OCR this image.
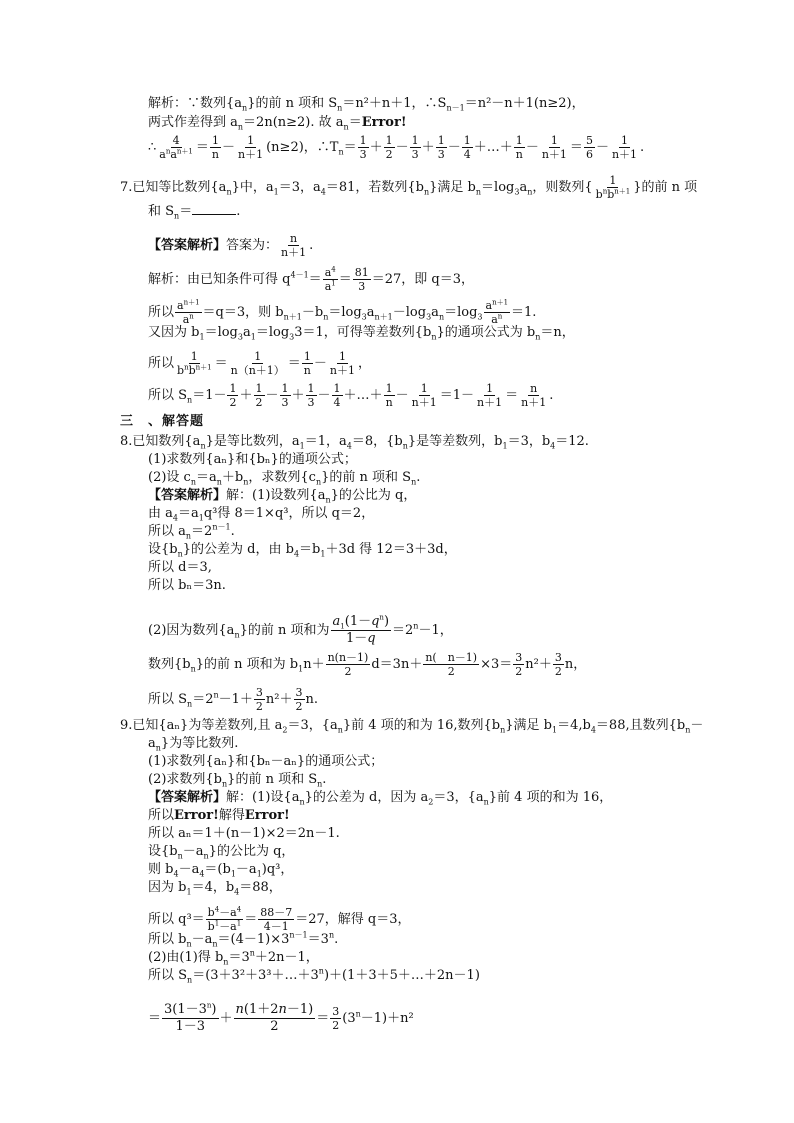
解析：∵数列$\{a_n\}$的前 n 项和 $S_n=n^2+n+1$，$\therefore S_{n-1}=n^2-n+1(n\ge 2)$，
两式作差得到 $a_n=2n(n\ge 2)$. 故 $a_n=Error$!
∴ $\frac{4}{a^na^{n+1}} = \frac{1}{n} - \frac{1}{n+1} (n\ge 2)$，$\therefore T_n= \frac{1}{3} + \frac{1}{2} - \frac{1}{3} + \frac{1}{3} - \frac{1}{4}$ ＋…＋ $\frac{1}{n} - \frac{1}{n+1} = \frac{5}{6} - \frac{1}{n+1}$ .
7.已知等比数列$\{a_n\}$中，$a_1=3$，$a_4=81$，若数列$\{b_n\}$满足 $b_n=\log_3a_n$，则数列{ $\frac{1}{b^nb^{n+1}}$ }的前 n 项
和 $S_n=$	.
【答案解析】答案为： $\frac{n}{n+1}$ .
解析：由已知条件可得 $q^{4-1}= \frac{a^4}{a^1} = \frac{81}{3} =27$，即 q＝3，
所以 $\frac{a^{n+1}}{a^n} =q=3$，则 $b_{n+1}-b_n=\log_3a_{n+1}-\log_3a_n=\log_3 \frac{a^{n+1}}{a^n} =1$.
又因为 $b_1=\log_3a_1=\log_33=1$，可得等差数列$\{b_n\}$的通项公式为 $b_n=n$，
所以 $\frac{1}{b^nb^{n+1}} = \frac{1}{n(n+1)} = \frac{1}{n} - \frac{1}{n+1}$ ，
所以 $S_n=1- \frac{1}{2} + \frac{1}{2} - \frac{1}{3} + \frac{1}{3} - \frac{1}{4}$ ＋…＋ $\frac{1}{n} - \frac{1}{n+1} =1- \frac{1}{n+1} = \frac{n}{n+1}$ .
三　、解答题
8.已知数列$\{a_n\}$是等比数列，$a_1=1$，$a_4=8$，$\{b_n\}$是等差数列，$b_1=3$，$b_4=12$.
(1)求数列{aₙ}和{bₙ}的通项公式；
(2)设 $c_n=a_n+b_n$，求数列$\{c_n\}$的前 n 项和 $S_n$.
【答案解析】解：(1)设数列$\{a_n\}$的公比为 q，
由 $a_4=a_1q^3$得 8＝1×q³，所以 q＝2，
所以 $a_n=2^{n-1}$.
设$\{b_n\}$的公差为 d，由 $b_4=b_1+3d$ 得 12＝3＋3d，
所以 d＝3,
所以 bₙ＝3n.
(2)因为数列$\{a_n\}$的前 n 项和为 $\frac{a_1(1-q^n)}{1-q} =2^n-1$，
数列$\{b_n\}$的前 n 项和为 $b_1n+ \frac{n(n-1)}{2} d=3n+ \frac{n( n-1)}{2} \times 3= \frac{3}{2} n^2+ \frac{3}{2}$ n，
所以 $S_n=2^n-1+ \frac{3}{2} n^2+ \frac{3}{2} n$.
9.已知{aₙ}为等差数列,且 $a_2=3$，$\{a_n\}$前 4 项的和为 16,数列$\{b_n\}$满足 $b_1=4,b_4=88$,且数列{$b_n-$
$a_n$}为等比数列.
(1)求数列{aₙ}和{bₙ－aₙ}的通项公式；
(2)求数列$\{b_n\}$的前 n 项和 $S_n$.
【答案解析】解：(1)设$\{a_n\}$的公差为 d，因为 $a_2=3$，$\{a_n\}$前 4 项的和为 16，
所以Error!解得Error!
所以 aₙ＝1＋(n－1)×2＝2n－1.
设$\{b_n-a_n\}$的公比为 q，
则 $b_4-a_4=(b_1-a_1)q^3$，
因为 $b_1=4$，$b_4=88$，
所以 $q^3= \frac{b^4-a^4}{b^1-a^1} = \frac{88-7}{4-1} =27$，解得 q＝3，
所以 $b_n-a_n=(4-1)\times 3^{n-1}=3^n$.
(2)由(1)得 $b_n=3^n+2n-1$，
所以 $S_n=(3+3^2+3^3+\dots+3^n)+(1+3+5+\dots+2n-1)$
＝ $\frac{3(1-3^n)}{1-3} + \frac{n(1+2n-1)}{2} = \frac{3}{2} (3^n-1)+n^2$
